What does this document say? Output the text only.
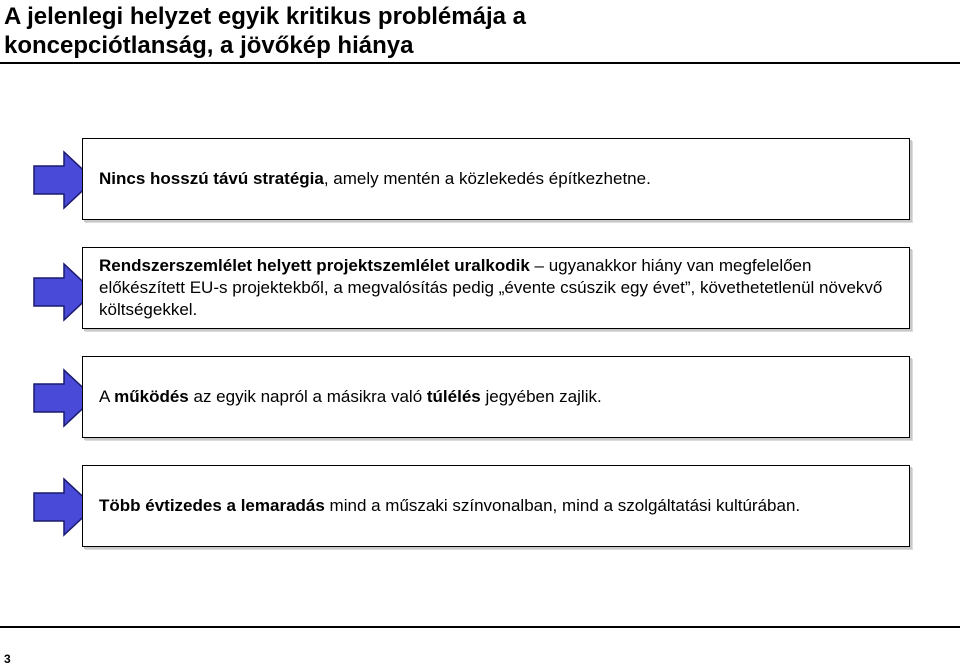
A jelenlegi helyzet egyik kritikus problémája a
koncepciótlanság, a jövőkép hiánya

Nincs hosszú távú stratégia, amely mentén a közlekedés építkezhetne.

Rendszerszemlélet helyett projektszemlélet uralkodik – ugyanakkor hiány van megfelelően előkészített EU-s projektekből, a megvalósítás pedig „évente csúszik egy évet”, követhetetlenül növekvő költségekkel.

A működés az egyik napról a másikra való túlélés jegyében zajlik.

Több évtizedes a lemaradás mind a műszaki színvonalban, mind a szolgáltatási kultúrában.

3
